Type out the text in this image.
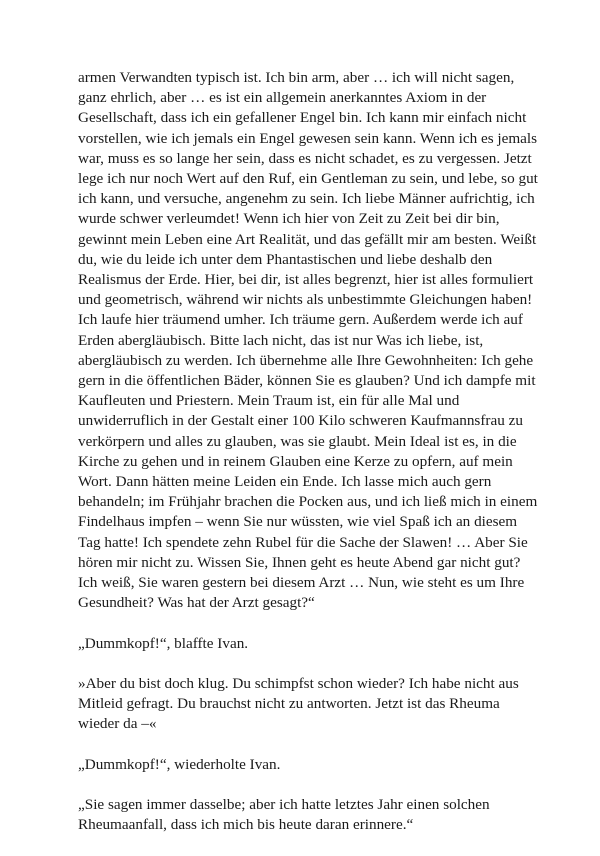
armen Verwandten typisch ist. Ich bin arm, aber … ich will nicht sagen,
ganz ehrlich, aber … es ist ein allgemein anerkanntes Axiom in der
Gesellschaft, dass ich ein gefallener Engel bin. Ich kann mir einfach nicht
vorstellen, wie ich jemals ein Engel gewesen sein kann. Wenn ich es jemals
war, muss es so lange her sein, dass es nicht schadet, es zu vergessen. Jetzt
lege ich nur noch Wert auf den Ruf, ein Gentleman zu sein, und lebe, so gut
ich kann, und versuche, angenehm zu sein. Ich liebe Männer aufrichtig, ich
wurde schwer verleumdet! Wenn ich hier von Zeit zu Zeit bei dir bin,
gewinnt mein Leben eine Art Realität, und das gefällt mir am besten. Weißt
du, wie du leide ich unter dem Phantastischen und liebe deshalb den
Realismus der Erde. Hier, bei dir, ist alles begrenzt, hier ist alles formuliert
und geometrisch, während wir nichts als unbestimmte Gleichungen haben!
Ich laufe hier träumend umher. Ich träume gern. Außerdem werde ich auf
Erden abergläubisch. Bitte lach nicht, das ist nur Was ich liebe, ist,
abergläubisch zu werden. Ich übernehme alle Ihre Gewohnheiten: Ich gehe
gern in die öffentlichen Bäder, können Sie es glauben? Und ich dampfe mit
Kaufleuten und Priestern. Mein Traum ist, ein für alle Mal und
unwiderruflich in der Gestalt einer 100 Kilo schweren Kaufmannsfrau zu
verkörpern und alles zu glauben, was sie glaubt. Mein Ideal ist es, in die
Kirche zu gehen und in reinem Glauben eine Kerze zu opfern, auf mein
Wort. Dann hätten meine Leiden ein Ende. Ich lasse mich auch gern
behandeln; im Frühjahr brachen die Pocken aus, und ich ließ mich in einem
Findelhaus impfen – wenn Sie nur wüssten, wie viel Spaß ich an diesem
Tag hatte! Ich spendete zehn Rubel für die Sache der Slawen! … Aber Sie
hören mir nicht zu. Wissen Sie, Ihnen geht es heute Abend gar nicht gut?
Ich weiß, Sie waren gestern bei diesem Arzt … Nun, wie steht es um Ihre
Gesundheit? Was hat der Arzt gesagt?“

„Dummkopf!“, blaffte Ivan.

»Aber du bist doch klug. Du schimpfst schon wieder? Ich habe nicht aus
Mitleid gefragt. Du brauchst nicht zu antworten. Jetzt ist das Rheuma
wieder da –«

„Dummkopf!“, wiederholte Ivan.

„Sie sagen immer dasselbe; aber ich hatte letztes Jahr einen solchen
Rheumaanfall, dass ich mich bis heute daran erinnere.“
